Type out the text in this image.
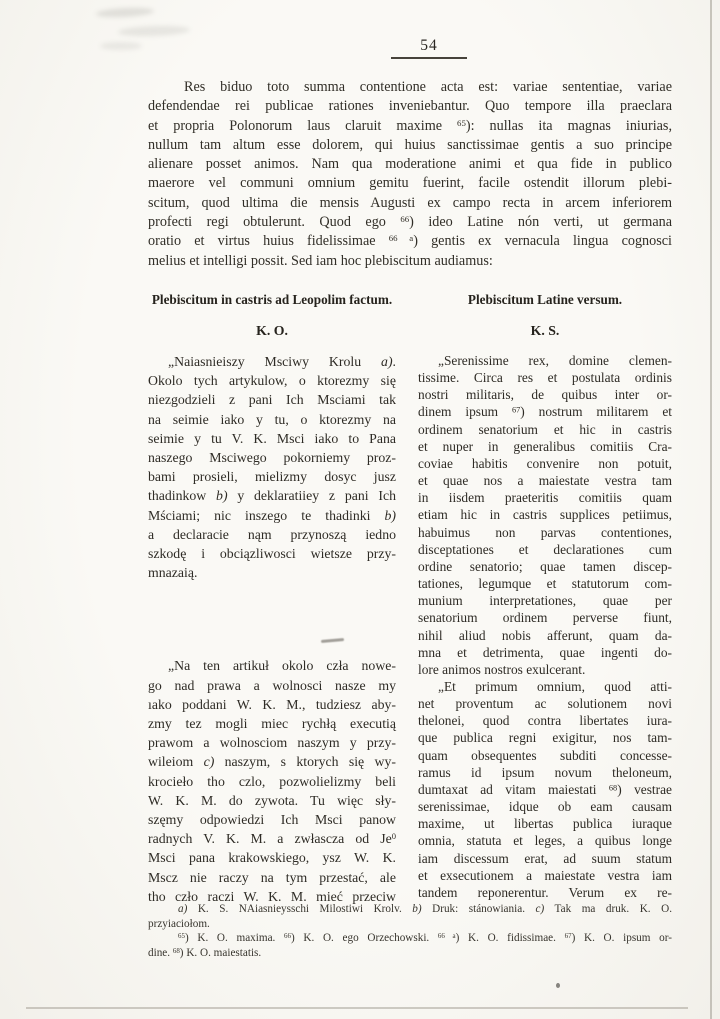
54
Res biduo toto summa contentione acta est: variae sententiae, variae
defendendae rei publicae rationes inveniebantur. Quo tempore illa praeclara
et propria Polonorum laus claruit maxime $^{65}$): nullas ita magnas iniurias,
nullum tam altum esse dolorem, qui huius sanctissimae gentis a suo principe
alienare posset animos. Nam qua moderatione animi et qua fide in publico
maerore vel communi omnium gemitu fuerint, facile ostendit illorum plebi-
scitum, quod ultima die mensis Augusti ex campo recta in arcem inferiorem
profecti regi obtulerunt. Quod ego $^{66}$) ideo Latine nón verti, ut germana
oratio et virtus huius fidelissimae $^{66 a}$) gentis ex vernacula lingua cognosci
melius et intelligi possit. Sed iam hoc plebiscitum audiamus:
Plebiscitum in castris ad Leopolim factum.
K. O.
„Naiasnieiszy Msciwy Krolu a).
Okolo tych artykulow, o ktorezmy się
niezgodzieli z pani Ich Msciami tak
na seimie iako y tu, o ktorezmy na
seimie y tu V. K. Msci iako to Pana
naszego Msciwego pokorniemy proz-
bami prosieli, mielizmy dosyc jusz
thadinkow b) y deklaratiiey z pani Ich
Mściami; nic inszego te thadinki b)
a declaracie nąm przynoszą iedno
szkodę i obciązliwosci wietsze przy-
mnazaią.
„Na ten artikuł okolo czła nowe-
go nad prawa a wolnosci nasze my
ıako poddani W. K. M., tudziesz aby-
zmy tez mogli miec rychłą executią
prawom a wolnosciom naszym y przy-
wileiom c) naszym, s ktorych się wy-
krocieło tho czlo, pozwolielizmy beli
W. K. M. do zywota. Tu więc sły-
szęmy odpowiedzi Ich Msci panow
radnych V. K. M. a zwłascza od Je$^0$
Msci pana krakowskiego, ysz W. K.
Mscz nie raczy na tym przestać, ale
tho czło raczi W. K. M. mieć przeciw
Plebiscitum Latine versum.
K. S.
„Serenissime rex, domine clemen-
tissime. Circa res et postulata ordinis
nostri militaris, de quibus inter or-
dinem ipsum $^{67}$) nostrum militarem et
ordinem senatorium et hic in castris
et nuper in generalibus comitiis Cra-
coviae habitis convenire non potuit,
et quae nos a maiestate vestra tam
in iisdem praeteritis comitiis quam
etiam hic in castris supplices petiimus,
habuimus non parvas contentiones,
disceptationes et declarationes cum
ordine senatorio; quae tamen discep-
tationes, legumque et statutorum com-
munium interpretationes, quae per
senatorium ordinem perverse fiunt,
nihil aliud nobis afferunt, quam da-
mna et detrimenta, quae ingenti do-
lore animos nostros exulcerant.
„Et primum omnium, quod atti-
net proventum ac solutionem novi
thelonei, quod contra libertates iura-
que publica regni exigitur, nos tam-
quam obsequentes subditi concesse-
ramus id ipsum novum theloneum,
dumtaxat ad vitam maiestati $^{68}$) vestrae
serenissimae, idque ob eam causam
maxime, ut libertas publica iuraque
omnia, statuta et leges, a quibus longe
iam discessum erat, ad suum statum
et exsecutionem a maiestate vestra iam
tandem reponerentur. Verum ex re-
a) K. S. NAiasnieysschi Milostiwi Krolv. b) Druk: stánowiania. c) Tak ma druk. K. O.
przyiaciołom.
$^{65}$) K. O. maxima. $^{66}$) K. O. ego Orzechowski. $^{66 a}$) K. O. fidissimae. $^{67}$) K. O. ipsum or-
dine. $^{68}$) K. O. maiestatis.
